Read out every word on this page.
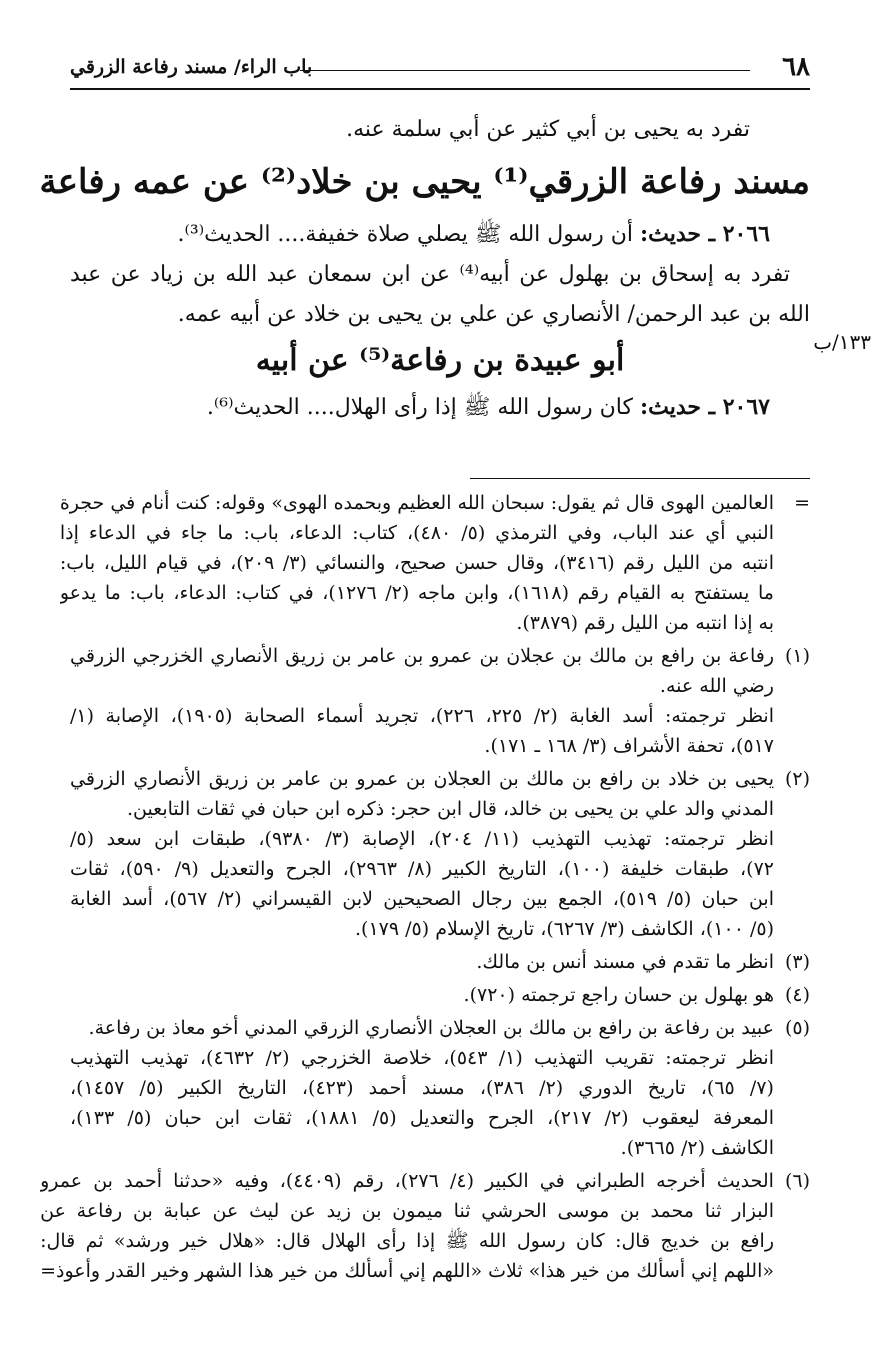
٦٨
باب الراء/ مسند رفاعة الزرقي
١٣٣/ب

تفرد به يحيى بن أبي كثير عن أبي سلمة عنه.

مسند رفاعة الزرقي⁽¹⁾ يحيى بن خلاد⁽²⁾ عن عمه رفاعة

٢٠٦٦ ـ حديث: أن رسول الله ﷺ يصلي صلاة خفيفة.... الحديث⁽³⁾.

تفرد به إسحاق بن بهلول عن أبيه⁽⁴⁾ عن ابن سمعان عبد الله بن زياد عن عبد

الله بن عبد الرحمن/ الأنصاري عن علي بن يحيى بن خلاد عن أبيه عمه.

أبو عبيدة بن رفاعة⁽⁵⁾ عن أبيه

٢٠٦٧ ـ حديث: كان رسول الله ﷺ إذا رأى الهلال.... الحديث⁽⁶⁾.

=

العالمين الهوى قال ثم يقول: سبحان الله العظيم وبحمده الهوى» وقوله: كنت أنام في حجرة

النبي أي عند الباب، وفي الترمذي (٥/ ٤٨٠)، كتاب: الدعاء، باب: ما جاء في الدعاء إذا

انتبه من الليل رقم (٣٤١٦)، وقال حسن صحيح، والنسائي (٣/ ٢٠٩)، في قيام الليل، باب:

ما يستفتح به القيام رقم (١٦١٨)، وابن ماجه (٢/ ١٢٧٦)، في كتاب: الدعاء، باب: ما يدعو

به إذا انتبه من الليل رقم (٣٨٧٩).

(١)

رفاعة بن رافع بن مالك بن عجلان بن عمرو بن عامر بن زريق الأنصاري الخزرجي الزرقي

رضي الله عنه.

انظر ترجمته: أسد الغابة (٢/ ٢٢٥، ٢٢٦)، تجريد أسماء الصحابة (١٩٠٥)، الإصابة (١/

٥١٧)، تحفة الأشراف (٣/ ١٦٨ ـ ١٧١).

(٢)

يحيى بن خلاد بن رافع بن مالك بن العجلان بن عمرو بن عامر بن زريق الأنصاري الزرقي

المدني والد علي بن يحيى بن خالد، قال ابن حجر: ذكره ابن حبان في ثقات التابعين.

انظر ترجمته: تهذيب التهذيب (١١/ ٢٠٤)، الإصابة (٣/ ٩٣٨٠)، طبقات ابن سعد (٥/

٧٢)، طبقات خليفة (١٠٠)، التاريخ الكبير (٨/ ٢٩٦٣)، الجرح والتعديل (٩/ ٥٩٠)، ثقات

ابن حبان (٥/ ٥١٩)، الجمع بين رجال الصحيحين لابن القيسراني (٢/ ٥٦٧)، أسد الغابة

(٥/ ١٠٠)، الكاشف (٣/ ٦٢٦٧)، تاريخ الإسلام (٥/ ١٧٩).

(٣)

انظر ما تقدم في مسند أنس بن مالك.

(٤)

هو بهلول بن حسان راجع ترجمته (٧٢٠).

(٥)

عبيد بن رفاعة بن رافع بن مالك بن العجلان الأنصاري الزرقي المدني أخو معاذ بن رفاعة.

انظر ترجمته: تقريب التهذيب (١/ ٥٤٣)، خلاصة الخزرجي (٢/ ٤٦٣٢)، تهذيب التهذيب

(٧/ ٦٥)، تاريخ الدوري (٢/ ٣٨٦)، مسند أحمد (٤٢٣)، التاريخ الكبير (٥/ ١٤٥٧)،

المعرفة ليعقوب (٢/ ٢١٧)، الجرح والتعديل (٥/ ١٨٨١)، ثقات ابن حبان (٥/ ١٣٣)،

الكاشف (٢/ ٣٦٦٥).

(٦)

الحديث أخرجه الطبراني في الكبير (٤/ ٢٧٦)، رقم (٤٤٠٩)، وفيه «حدثنا أحمد بن عمرو

البزار ثنا محمد بن موسى الحرشي ثنا ميمون بن زيد عن ليث عن عبابة بن رفاعة عن

رافع بن خديج قال: كان رسول الله ﷺ إذا رأى الهلال قال: «هلال خير ورشد» ثم قال:

«اللهم إني أسألك من خير هذا» ثلاث «اللهم إني أسألك من خير هذا الشهر وخير القدر وأعوذ=
